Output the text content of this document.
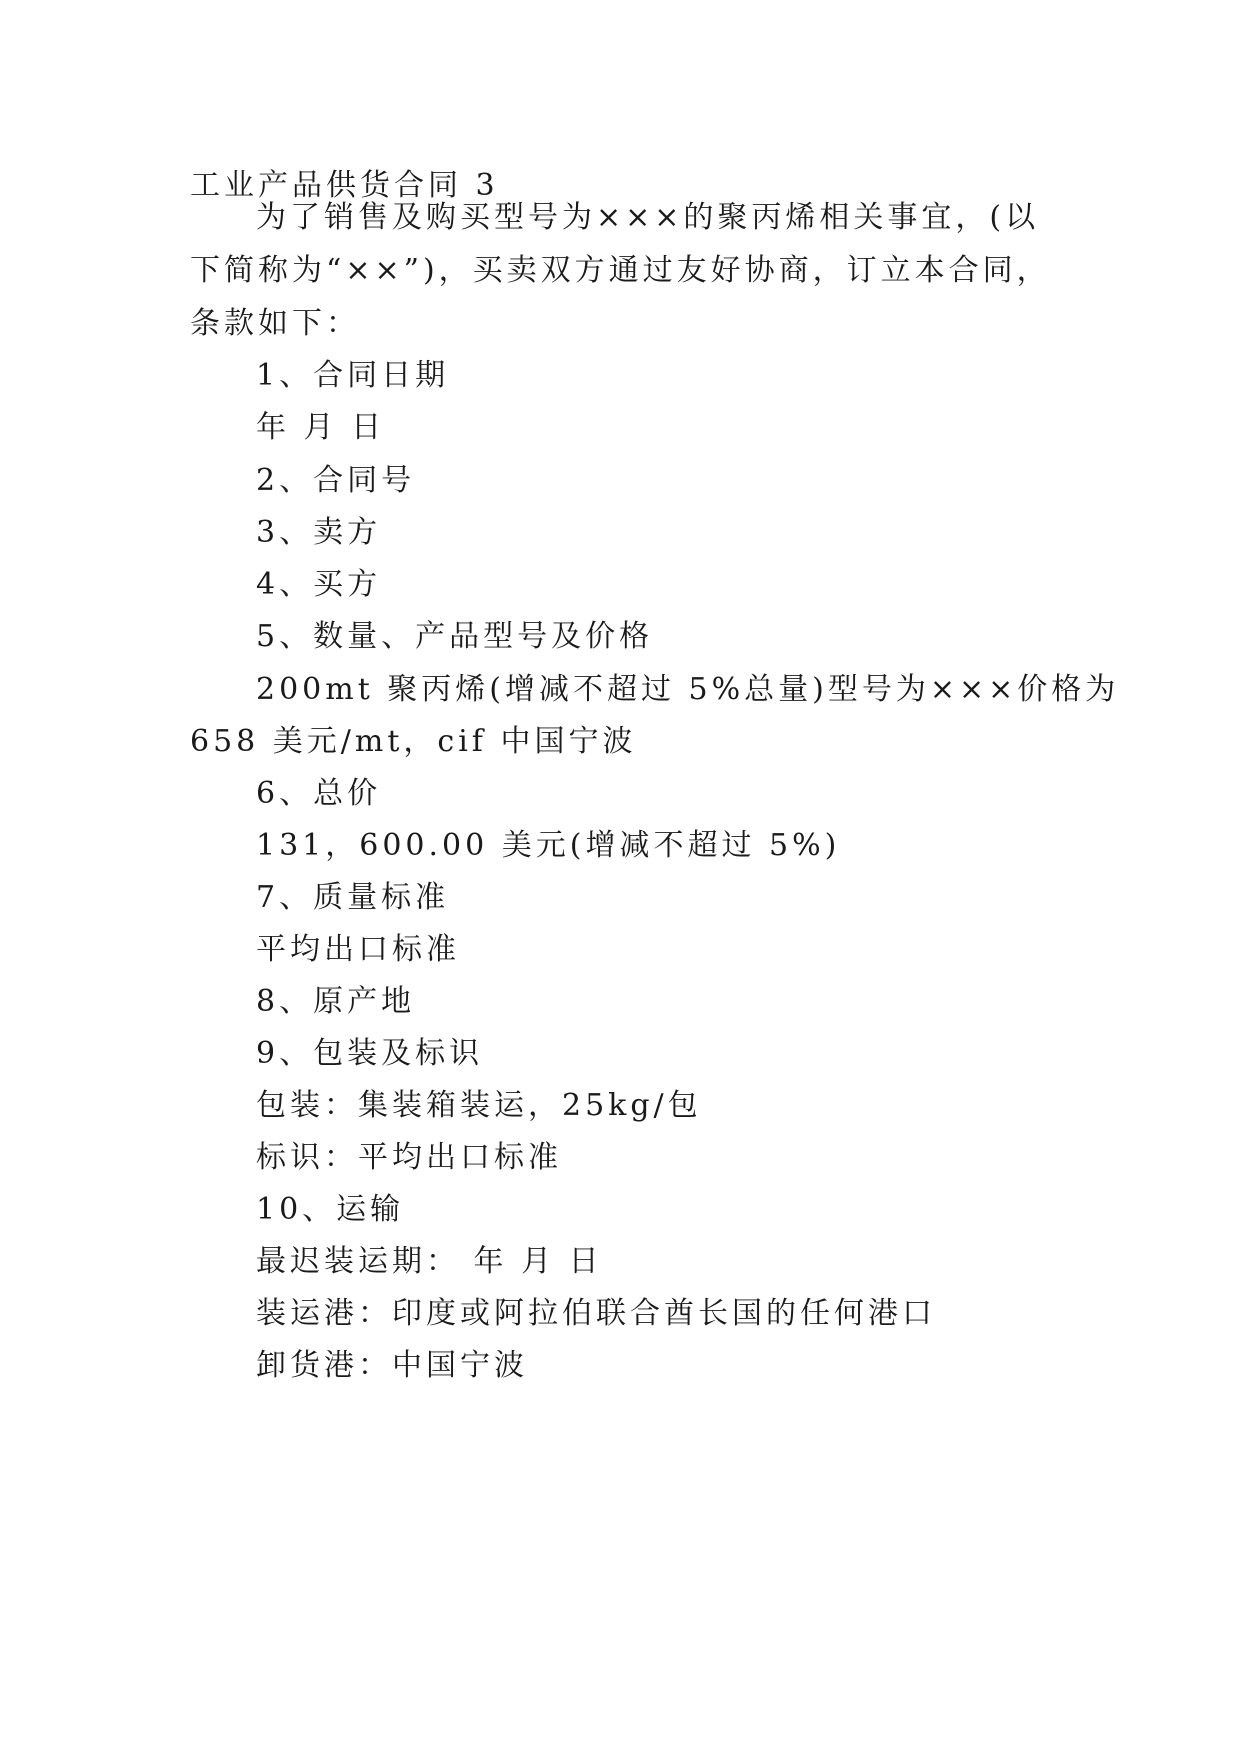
工业产品供货合同 3
为了销售及购买型号为×××的聚丙烯相关事宜，(以
下简称为“××”)，买卖双方通过友好协商，订立本合同，
条款如下：
1、合同日期
年 月 日
2、合同号
3、卖方
4、买方
5、数量、产品型号及价格
200mt 聚丙烯(增减不超过 5%总量)型号为×××价格为
658 美元/mt，cif 中国宁波
6、总价
131，600.00 美元(增减不超过 5%)
7、质量标准
平均出口标准
8、原产地
9、包装及标识
包装：集装箱装运，25kg/包
标识：平均出口标准
10、运输
最迟装运期： 年 月 日
装运港：印度或阿拉伯联合酋长国的任何港口
卸货港：中国宁波
